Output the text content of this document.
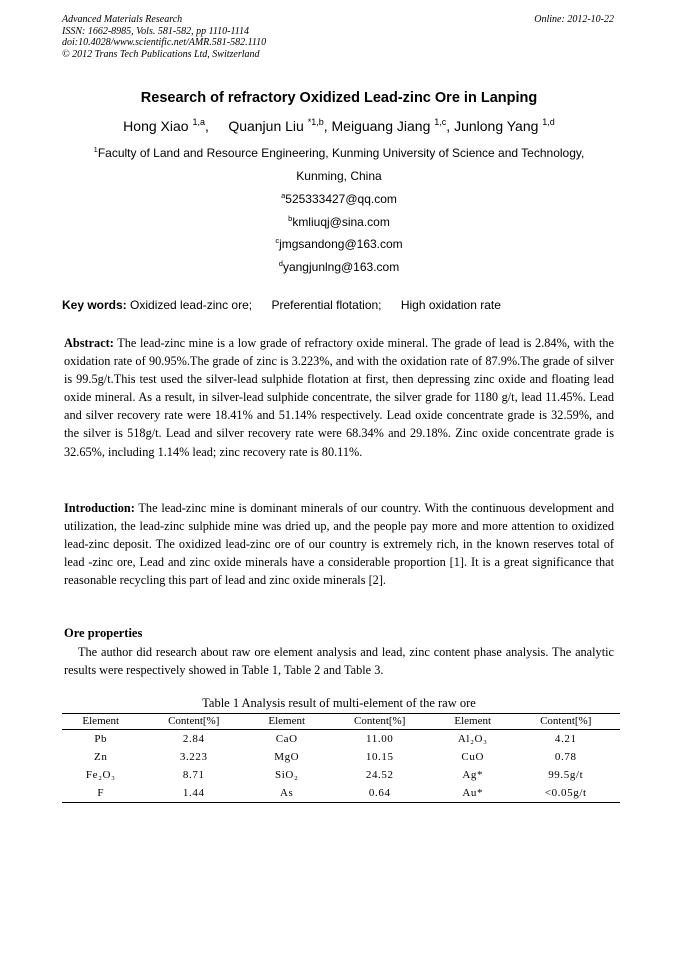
Advanced Materials Research
ISSN: 1662-8985, Vols. 581-582, pp 1110-1114
doi:10.4028/www.scientific.net/AMR.581-582.1110
© 2012 Trans Tech Publications Ltd, Switzerland
Online: 2012-10-22
Research of refractory Oxidized Lead-zinc Ore in Lanping
Hong Xiao $^{1,a}$,     Quanjun Liu $^{*1,b}$, Meiguang Jiang $^{1,c}$, Junlong Yang $^{1,d}$
$^1$Faculty of Land and Resource Engineering, Kunming University of Science and Technology,
Kunming, China
$^a$525333427@qq.com
$^b$kmliuqj@sina.com
$^c$jmgsandong@163.com
$^d$yangjunlng@163.com
Key words: Oxidized lead-zinc ore; Preferential flotation; High oxidation rate
Abstract: The lead-zinc mine is a low grade of refractory oxide mineral. The grade of lead is 2.84%, with the oxidation rate of 90.95%.The grade of zinc is 3.223%, and with the oxidation rate of 87.9%.The grade of silver is 99.5g/t.This test used the silver-lead sulphide flotation at first, then depressing zinc oxide and floating lead oxide mineral. As a result, in silver-lead sulphide concentrate, the silver grade for 1180 g/t, lead 11.45%. Lead and silver recovery rate were 18.41% and 51.14% respectively. Lead oxide concentrate grade is 32.59%, and the silver is 518g/t. Lead and silver recovery rate were 68.34% and 29.18%. Zinc oxide concentrate grade is 32.65%, including 1.14% lead; zinc recovery rate is 80.11%.
Introduction: The lead-zinc mine is dominant minerals of our country. With the continuous development and utilization, the lead-zinc sulphide mine was dried up, and the people pay more and more attention to oxidized lead-zinc deposit. The oxidized lead-zinc ore of our country is extremely rich, in the known reserves total of lead -zinc ore, Lead and zinc oxide minerals have a considerable proportion [1]. It is a great significance that reasonable recycling this part of lead and zinc oxide minerals [2].
Ore properties
The author did research about raw ore element analysis and lead, zinc content phase analysis. The analytic results were respectively showed in Table 1, Table 2 and Table 3.
Table 1 Analysis result of multi-element of the raw ore
Element	Content[%]	Element	Content[%]	Element	Content[%]
Pb	2.84	CaO	11.00	Al₂O₃	4.21
Zn	3.223	MgO	10.15	CuO	0.78
Fe₂O₃	8.71	SiO₂	24.52	Ag*	99.5g/t
F	1.44	As	0.64	Au*	<0.05g/t
